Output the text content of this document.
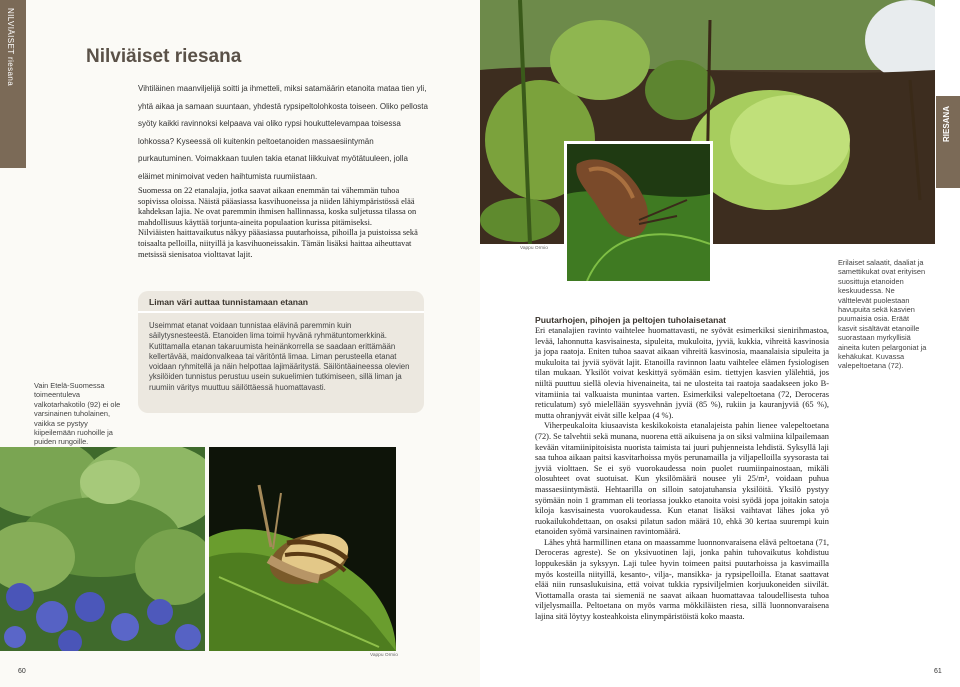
NILVIÄISET riesana	Nilviäiset riesana
Vihtiläinen maanviljelijä soitti ja ihmetteli, miksi satamäärin etanoita mataa tien yli, yhtä aikaa ja samaan suuntaan, yhdestä rypsipeltolohkosta toiseen. Oliko pellosta syöty kaikki ravinnoksi kelpaava vai oliko rypsi houkuttelevampaa toisessa lohkossa? Kyseessä oli kuitenkin peltoetanoiden massaesiintymän purkautuminen. Voimakkaan tuulen takia etanat liikkuivat myötätuuleen, jolla eläimet minimoivat veden haihtumista ruumiistaan.

Suomessa on 22 etanalajia, jotka saavat aikaan enemmän tai vähemmän tuhoa sopivissa oloissa. Näistä pääasiassa kasvihuoneissa ja niiden lähiympäristössä elää kahdeksan lajia. Ne ovat paremmin ihmisen hallinnassa, koska suljetussa tilassa on mahdollisuus käyttää torjunta-aineita populaation kurissa pitämiseksi.

Nilviäisten haittavaikutus näkyy pääasiassa puutarhoissa, pihoilla ja puistoissa sekä toisaalta pelloilla, niityillä ja kasvihuoneissakin. Tämän lisäksi haittaa aiheuttavat metsissä sienisatoa violttavat lajit.

Liman väri auttaa tunnistamaan etanan

Useimmat etanat voidaan tunnistaa elävinä paremmin kuin säilytysnesteestä. Etanoiden lima toimii hyvänä ryhmätuntomerkkinä. Kutittamalla etanan takaruumista heinänkorrella se saadaan erittämään kellertävää, maidonvalkeaa tai väritöntä limaa. Liman perusteella etanat voidaan ryhmitellä ja näin helpottaa lajimääritystä. Säilöntäaineessa olevien yksilöiden tunnistus perustuu usein sukuelimien tutkimiseen, sillä liman ja ruumiin väritys muuttuu säilöttäessä huomattavasti.

Vain Etelä-Suomessa toimeentuleva valkotarhakotilo (92) ei ole varsinainen tuholainen, vaikka se pystyy kiipeilemään ruohoille ja puiden rungoille.
Vappu Ormio
60
Vappu Ormio
RIESANA
Erilaiset salaatit, daaliat ja samettikukat ovat erityisen suosittuja etanoiden keskuudessa. Ne välttelevät puolestaan havupuita sekä kasvien puumaisia osia. Eräät kasvit sisältävät etanoille suorastaan myrkyllisiä aineita kuten pelargoniat ja kehäkukat. Kuvassa valepeltoetana (72).
61
Puutarhojen, pihojen ja peltojen tuholaisetanat

Eri etanalajien ravinto vaihtelee huomattavasti, ne syövät esimerkiksi sienirihmastoa, levää, lahonnutta kasvisainesta, sipuleita, mukuloita, jyviä, kukkia, vihreitä kasvinosia ja jopa raatoja. Eniten tuhoa saavat aikaan vihreitä kasvinosia, maanalaisia sipuleita ja mukuloita tai jyviä syövät lajit. Etanoilla ravinnon laatu vaihtelee elämen fysiologisen tilan mukaan. Yksilöt voivat keskittyä syömään esim. tiettyjen kasvien ylälehtiä, jos niiltä puuttuu siellä olevia hivenaineita, tai ne ulosteita tai raatoja saadakseen joko B-vitamiinia tai valkuaista munintaa varten. Esimerkiksi valepeltoetana (72, Deroceras reticulatum) syö mielellään syysvehnän jyviä (85 %), rukiin ja kauranjyviä (65 %), mutta ohranjyvät eivät sille kelpaa (4 %).

Viherpeukaloita kiusaavista keskikokoista etanalajeista pahin lienee valepeltoetana (72). Se talvehtii sekä munana, nuorena että aikuisena ja on siksi valmiina kilpailemaan kevään vitamiinipitoisista nuorista taimista tai juuri puhjenneista lehdistä. Syksyllä laji saa tuhoa aikaan paitsi kasvitarhoissa myös perunamailla ja viljapelloilla syysorasta tai jyviä violttaen. Se ei syö vuorokaudessa noin puolet ruumiinpainostaan, mikäli olosuhteet ovat suotuisat. Kun yksilömäärä nousee yli 25/m², voidaan puhua massaesiintymästä. Hehtaarilla on silloin satojatuhansia yksilöitä. Yksilö pystyy syömään noin 1 gramman eli teoriassa joukko etanoita voisi syödä jopa joitakin satoja kiloja kasvisainesta vuorokaudessa. Kun etanat lisäksi vaihtavat lähes joka yö ruokailukohdettaan, on osaksi pilatun sadon määrä 10, ehkä 30 kertaa suurempi kuin etanoiden syömä varsinainen ravintomäärä.

Lähes yhtä harmillinen etana on maassamme luonnonvaraisena elävä peltoetana (71, Deroceras agreste). Se on yksivuotinen laji, jonka pahin tuhovaikutus kohdistuu loppukesään ja syksyyn. Laji tulee hyvin toimeen paitsi puutarhoissa ja kasvimailla myös kosteilla niityillä, kesanto-, vilja-, mansikka- ja rypsipelloilla. Etanat saattavat elää niin runsaslukuisina, että voivat tukkia rypsiviljelmien korjuukoneiden siivilät. Viottamalla orasta tai siemeniä ne saavat aikaan huomattavaa taloudellisesta tuhoa viljelysmailla. Peltoetana on myös varma mökkiläisten riesa, sillä luonnonvaraisena lajina sitä löytyy kosteahkoista elinympäristöistä koko maasta.
